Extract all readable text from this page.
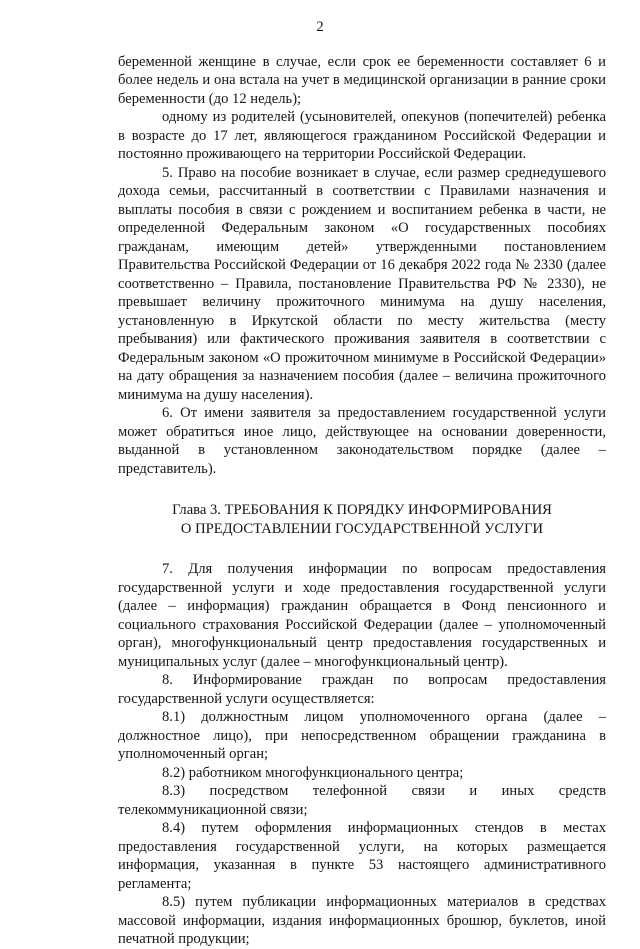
2

беременной женщине в случае, если срок ее беременности составляет 6 и более недель и она встала на учет в медицинской организации в ранние сроки беременности (до 12 недель);

одному из родителей (усыновителей, опекунов (попечителей) ребенка в возрасте до 17 лет, являющегося гражданином Российской Федерации и постоянно проживающего на территории Российской Федерации.

5. Право на пособие возникает в случае, если размер среднедушевого дохода семьи, рассчитанный в соответствии с Правилами назначения и выплаты пособия в связи с рождением и воспитанием ребенка в части, не определенной Федеральным законом «О государственных пособиях гражданам, имеющим детей» утвержденными постановлением Правительства Российской Федерации от 16 декабря 2022 года № 2330 (далее соответственно – Правила, постановление Правительства РФ № 2330), не превышает величину прожиточного минимума на душу населения, установленную в Иркутской области по месту жительства (месту пребывания) или фактического проживания заявителя в соответствии с Федеральным законом «О прожиточном минимуме в Российской Федерации» на дату обращения за назначением пособия (далее – величина прожиточного минимума на душу населения).

6. От имени заявителя за предоставлением государственной услуги может обратиться иное лицо, действующее на основании доверенности, выданной в установленном законодательством порядке (далее – представитель).

Глава 3. ТРЕБОВАНИЯ К ПОРЯДКУ ИНФОРМИРОВАНИЯ
О ПРЕДОСТАВЛЕНИИ ГОСУДАРСТВЕННОЙ УСЛУГИ

7. Для получения информации по вопросам предоставления государственной услуги и ходе предоставления государственной услуги (далее – информация) гражданин обращается в Фонд пенсионного и социального страхования Российской Федерации (далее – уполномоченный орган), многофункциональный центр предоставления государственных и муниципальных услуг (далее – многофункциональный центр).

8. Информирование граждан по вопросам предоставления государственной услуги осуществляется:

8.1) должностным лицом уполномоченного органа (далее – должностное лицо), при непосредственном обращении гражданина в уполномоченный орган;

8.2) работником многофункционального центра;

8.3) посредством телефонной связи и иных средств телекоммуникационной связи;

8.4) путем оформления информационных стендов в местах предоставления государственной услуги, на которых размещается информация, указанная в пункте 53 настоящего административного регламента;

8.5) путем публикации информационных материалов в средствах массовой информации, издания информационных брошюр, буклетов, иной печатной продукции;
